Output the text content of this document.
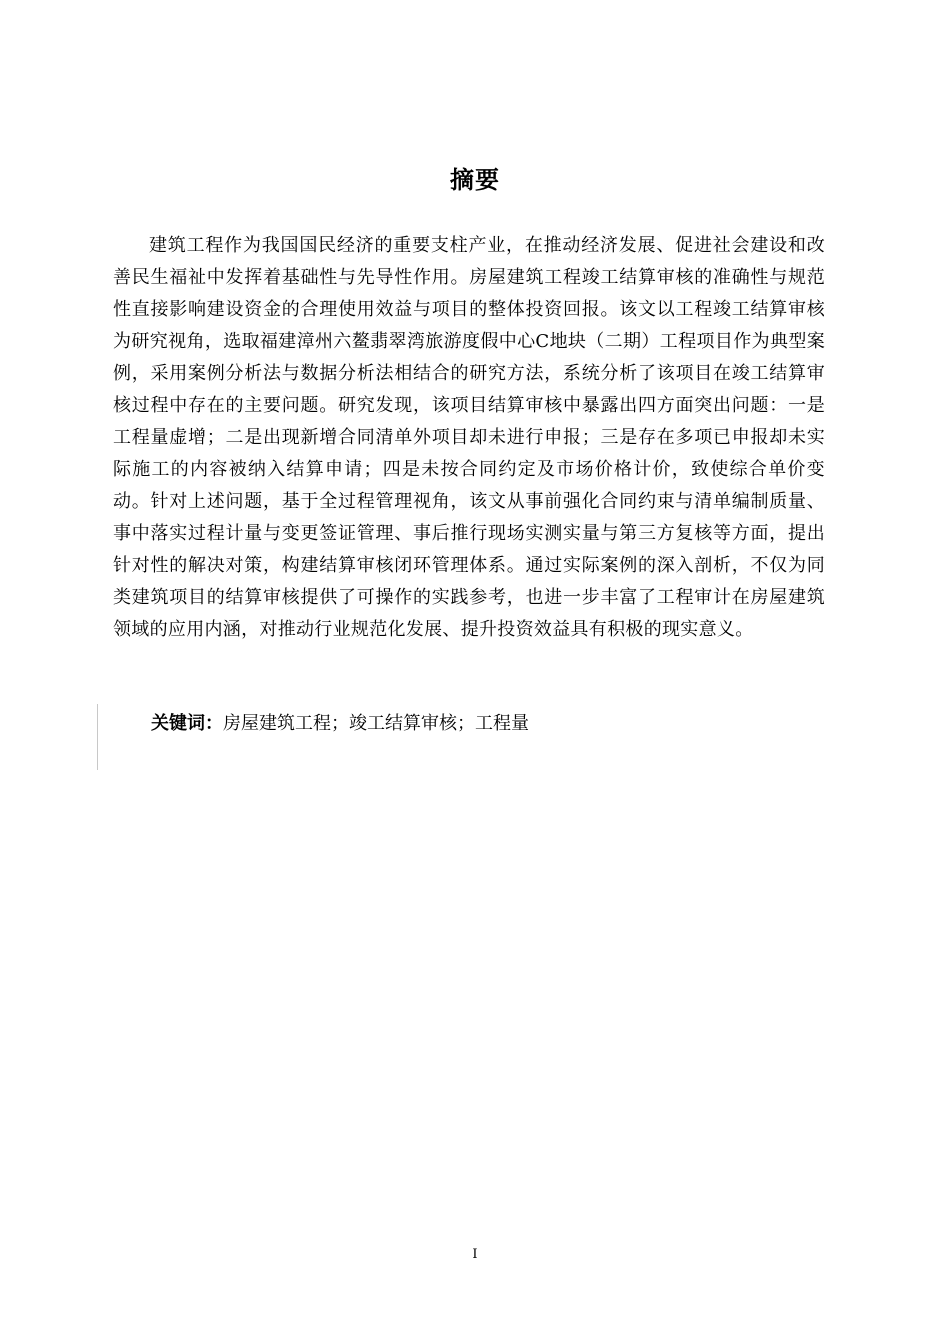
摘要

建筑工程作为我国国民经济的重要支柱产业，在推动经济发展、促进社会建设和改善民生福祉中发挥着基础性与先导性作用。房屋建筑工程竣工结算审核的准确性与规范性直接影响建设资金的合理使用效益与项目的整体投资回报。该文以工程竣工结算审核为研究视角，选取福建漳州六鳌翡翠湾旅游度假中心C地块（二期）工程项目作为典型案例，采用案例分析法与数据分析法相结合的研究方法，系统分析了该项目在竣工结算审核过程中存在的主要问题。研究发现，该项目结算审核中暴露出四方面突出问题：一是工程量虚增；二是出现新增合同清单外项目却未进行申报；三是存在多项已申报却未实际施工的内容被纳入结算申请；四是未按合同约定及市场价格计价，致使综合单价变动。针对上述问题，基于全过程管理视角，该文从事前强化合同约束与清单编制质量、事中落实过程计量与变更签证管理、事后推行现场实测实量与第三方复核等方面，提出针对性的解决对策，构建结算审核闭环管理体系。通过实际案例的深入剖析，不仅为同类建筑项目的结算审核提供了可操作的实践参考，也进一步丰富了工程审计在房屋建筑领域的应用内涵，对推动行业规范化发展、提升投资效益具有积极的现实意义。

关键词：房屋建筑工程；竣工结算审核；工程量
I
